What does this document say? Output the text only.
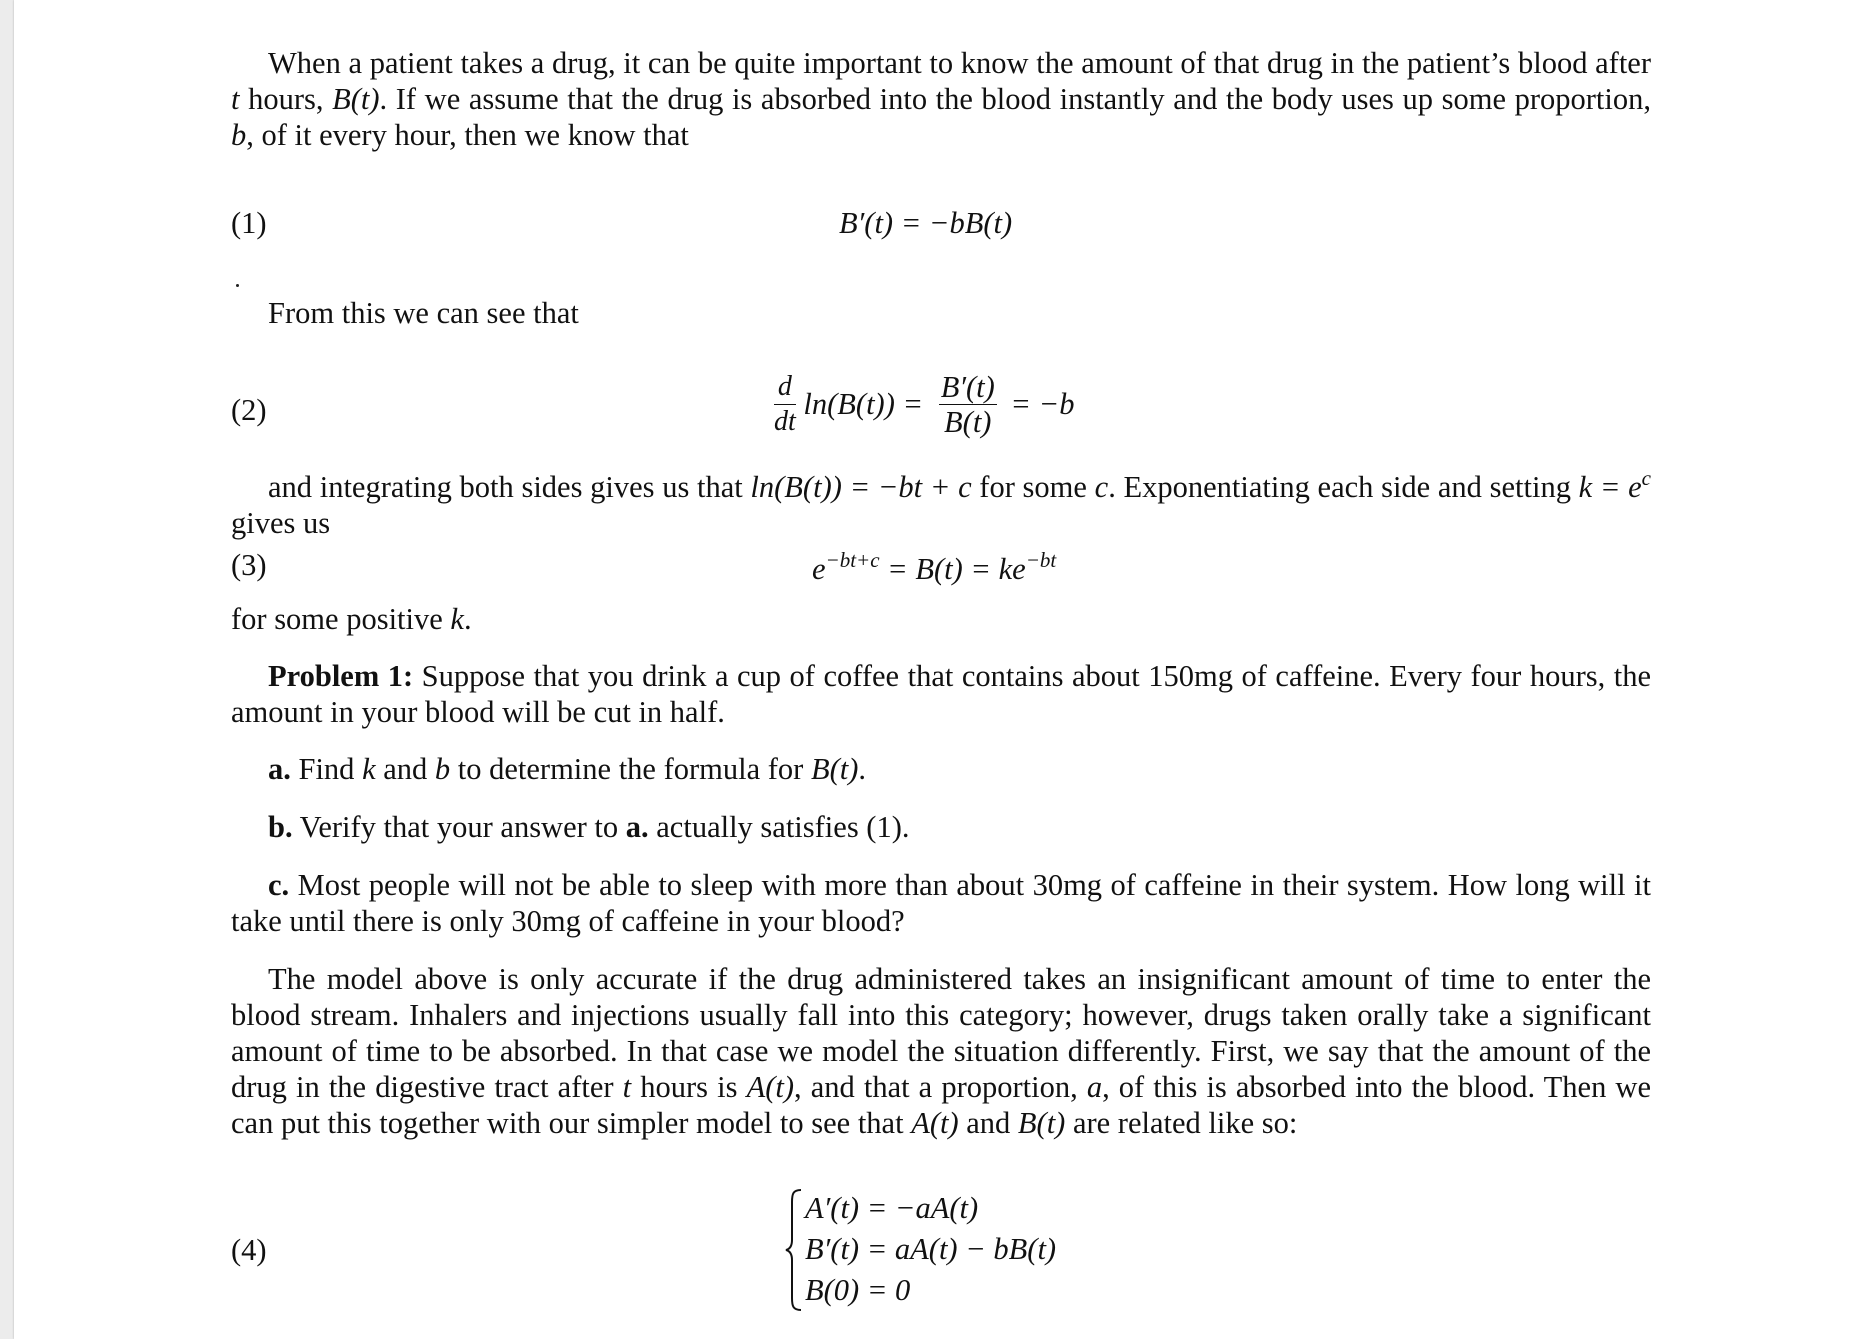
When a patient takes a drug, it can be quite important to know the amount of that drug in the patient’s blood after t hours, B(t). If we assume that the drug is absorbed into the blood instantly and the body uses up some proportion, b, of it every hour, then we know that
(1)	B′(t) = −bB(t)
From this we can see that
(2)	$\frac{d}{dt} \ln(B(t)) = \frac{B'(t)}{B(t)} = -b$
and integrating both sides gives us that ln(B(t)) = −bt + c for some c. Exponentiating each side and setting $k = e^c$ gives us
(3)	$e^{-bt+c} = B(t) = ke^{-bt}$
for some positive k.
Problem 1: Suppose that you drink a cup of coffee that contains about 150mg of caffeine. Every four hours, the amount in your blood will be cut in half.
a. Find k and b to determine the formula for B(t).
b. Verify that your answer to a. actually satisfies (1).
c. Most people will not be able to sleep with more than about 30mg of caffeine in their system. How long will it take until there is only 30mg of caffeine in your blood?
The model above is only accurate if the drug administered takes an insignificant amount of time to enter the blood stream. Inhalers and injections usually fall into this category; however, drugs taken orally take a significant amount of time to be absorbed. In that case we model the situation differently. First, we say that the amount of the drug in the digestive tract after t hours is A(t), and that a proportion, a, of this is absorbed into the blood. Then we can put this together with our simpler model to see that A(t) and B(t) are related like so:
(4)
A′(t) = −aA(t)
B′(t) = aA(t) − bB(t)
B(0) = 0
